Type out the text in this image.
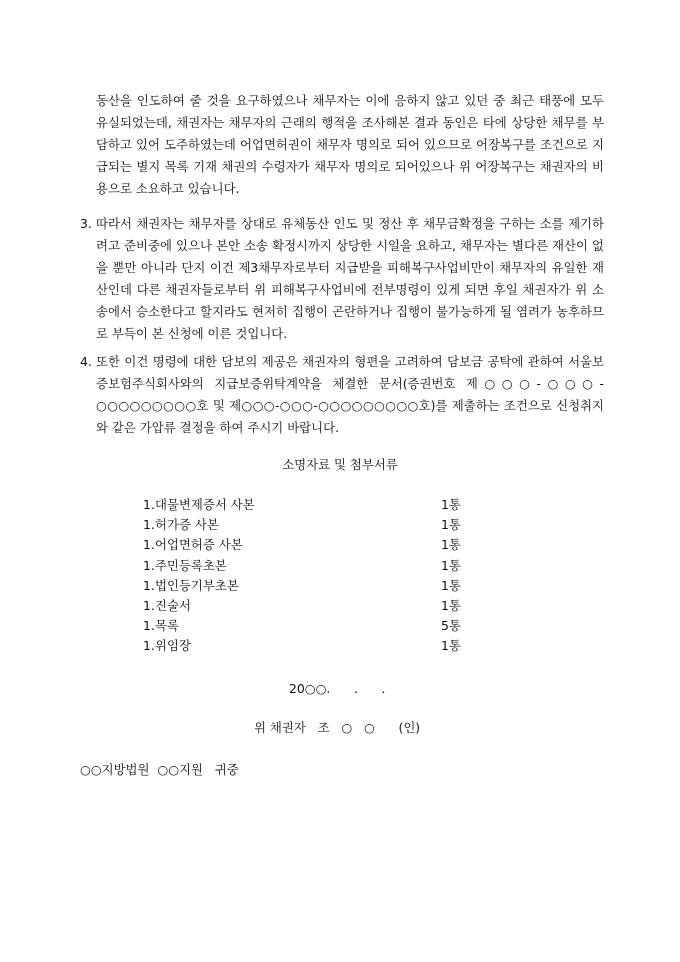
동산을 인도하여 줄 것을 요구하였으나 채무자는 이에 응하지 않고 있던 중 최근 태풍에 모두 유실되었는데, 채권자는 채무자의 근래의 행적을 조사해본 결과 동인은 타에 상당한 채무를 부담하고 있어 도주하였는데 어업면허권이 채무자 명의로 되어 있으므로 어장복구를 조건으로 지급되는 별지 목록 기재 채권의 수령자가 채무자 명의로 되어있으나 위 어장복구는 채권자의 비용으로 소요하고 있습니다.
3. 따라서 채권자는 채무자를 상대로 유체동산 인도 및 정산 후 채무금확정을 구하는 소를 제기하려고 준비중에 있으나 본안 소송 확정시까지 상당한 시일을 요하고, 채무자는 별다른 재산이 없을 뿐만 아니라 단지 이건 제3채무자로부터 지급받을 피해복구사업비만이 채무자의 유일한 재산인데 다른 채권자들로부터 위 피해복구사업비에 전부명령이 있게 되면 후일 채권자가 위 소송에서 승소한다고 할지라도 현저히 집행이 곤란하거나 집행이 불가능하게 될 염려가 농후하므로 부득이 본 신청에 이른 것입니다.
4. 또한 이건 명령에 대한 담보의 제공은 채권자의 형편을 고려하여 담보금 공탁에 관하여 서울보증보험주식회사와의 지급보증위탁계약을 체결한 문서(증권번호 제○○○-○○○-○○○○○○○○○호 및 제○○○-○○○-○○○○○○○○○호)를 제출하는 조건으로 신청취지와 같은 가압류 결정을 하여 주시기 바랍니다.
소명자료 및 첨부서류
1. 대물변제증서 사본	1통
1. 허가증 사본	1통
1. 어업면허증 사본	1통
1. 주민등록초본	1통
1. 법인등기부초본	1통
1. 진술서	1통
1. 목록	5통
1. 위임장	1통
20○○.      .      .
위 채권자   조   ○   ○      (인)
○○지방법원  ○○지원   귀중
